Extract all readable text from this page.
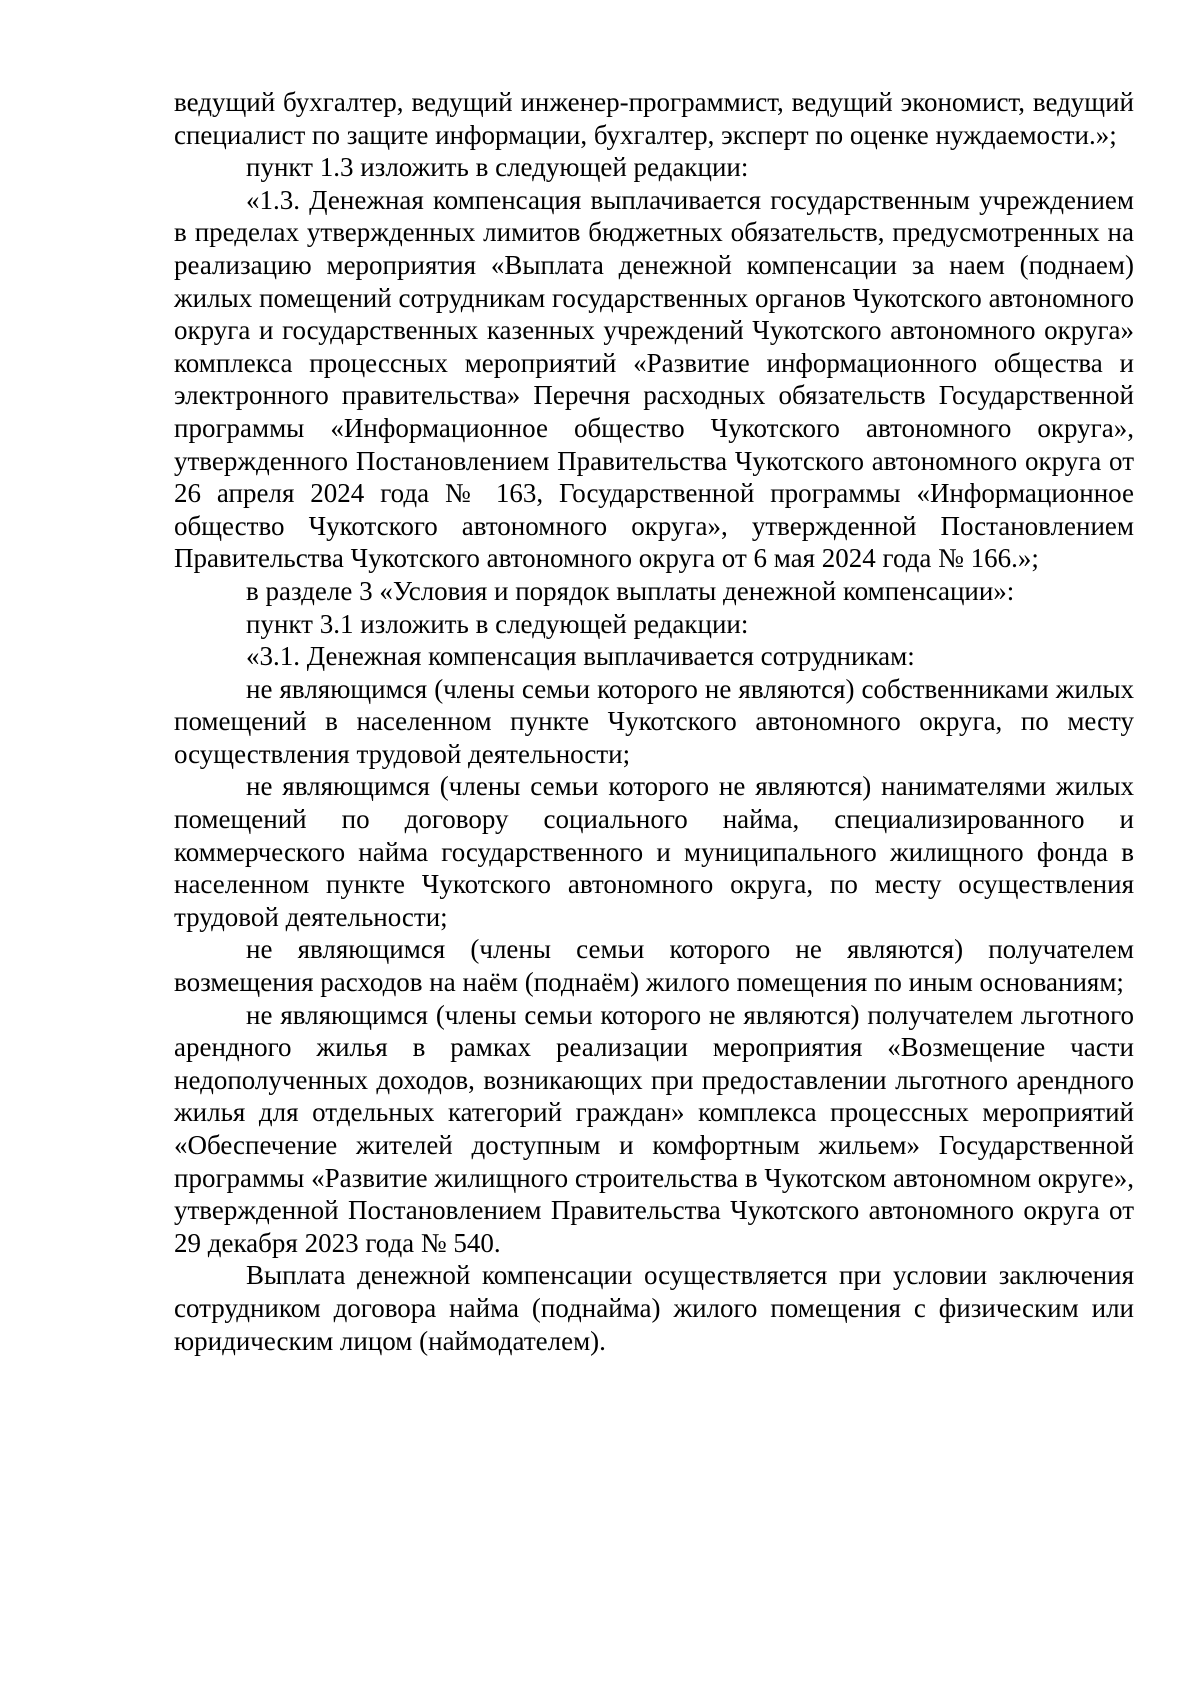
ведущий бухгалтер, ведущий инженер-программист, ведущий экономист, ведущий специалист по защите информации, бухгалтер, эксперт по оценке нуждаемости.»;

пункт 1.3 изложить в следующей редакции:

«1.3. Денежная компенсация выплачивается государственным учреждением в пределах утвержденных лимитов бюджетных обязательств, предусмотренных на реализацию мероприятия «Выплата денежной компенсации за наем (поднаем) жилых помещений сотрудникам государственных органов Чукотского автономного округа и государственных казенных учреждений Чукотского автономного округа» комплекса процессных мероприятий «Развитие информационного общества и электронного правительства» Перечня расходных обязательств Государственной программы «Информационное общество Чукотского автономного округа», утвержденного Постановлением Правительства Чукотского автономного округа от 26 апреля 2024 года № 163, Государственной программы «Информационное общество Чукотского автономного округа», утвержденной Постановлением Правительства Чукотского автономного округа от 6 мая 2024 года № 166.»;

в разделе 3 «Условия и порядок выплаты денежной компенсации»:

пункт 3.1 изложить в следующей редакции:

«3.1. Денежная компенсация выплачивается сотрудникам:

не являющимся (члены семьи которого не являются) собственниками жилых помещений в населенном пункте Чукотского автономного округа, по месту осуществления трудовой деятельности;

не являющимся (члены семьи которого не являются) нанимателями жилых помещений по договору социального найма, специализированного и коммерческого найма государственного и муниципального жилищного фонда в населенном пункте Чукотского автономного округа, по месту осуществления трудовой деятельности;

не являющимся (члены семьи которого не являются) получателем возмещения расходов на наём (поднаём) жилого помещения по иным основаниям;

не являющимся (члены семьи которого не являются) получателем льготного арендного жилья в рамках реализации мероприятия «Возмещение части недополученных доходов, возникающих при предоставлении льготного арендного жилья для отдельных категорий граждан» комплекса процессных мероприятий «Обеспечение жителей доступным и комфортным жильем» Государственной программы «Развитие жилищного строительства в Чукотском автономном округе», утвержденной Постановлением Правительства Чукотского автономного округа от 29 декабря 2023 года № 540.

Выплата денежной компенсации осуществляется при условии заключения сотрудником договора найма (поднайма) жилого помещения с физическим или юридическим лицом (наймодателем).
